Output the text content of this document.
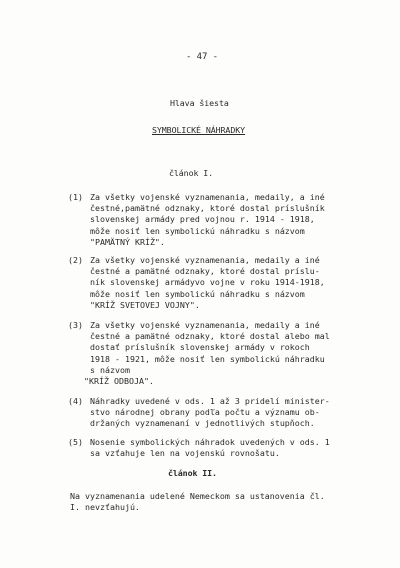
- 47 -
Hlava šiesta
SYMBOLICKÉ NÁHRADKY
článok I.
(1) Za všetky vojenské vyznamenania, medaily, a iné
čestné,pamätné odznaky, ktoré dostal príslušník
slovenskej armády pred vojnou r. 1914 - 1918,
môže nosiť len symbolickú náhradku s názvom
"PAMÄTNÝ KRÍŽ".
(2) Za všetky vojenské vyznamenania, medaily a iné
čestné a pamätné odznaky, ktoré dostal príslu-
ník slovenskej armádyvo vojne v roku 1914-1918,
môže nosiť len symbolickú náhradku s názvom
"KRÍŽ SVETOVEJ VOJNY".
(3) Za všetky vojenské vyznamenania, medaily a iné
čestné a pamätné odznaky, ktoré dostal alebo mal
dostať príslušník slovenskej armády v rokoch
1918 - 1921, môže nosiť len symbolickú náhradku
s názvom
"KRÍŽ ODBOJA".
(4) Náhradky uvedené v ods. 1 až 3 pridelí minister-
stvo národnej obrany podľa počtu a významu ob-
držaných vyznamenaní v jednotlivých stupňoch.
(5) Nosenie symbolických náhradok uvedených v ods. 1
sa vzťahuje len na vojenskú rovnošatu.
článok II.
Na vyznamenania udelené Nemeckom sa ustanovenia čl.
I. nevzťahujú.
